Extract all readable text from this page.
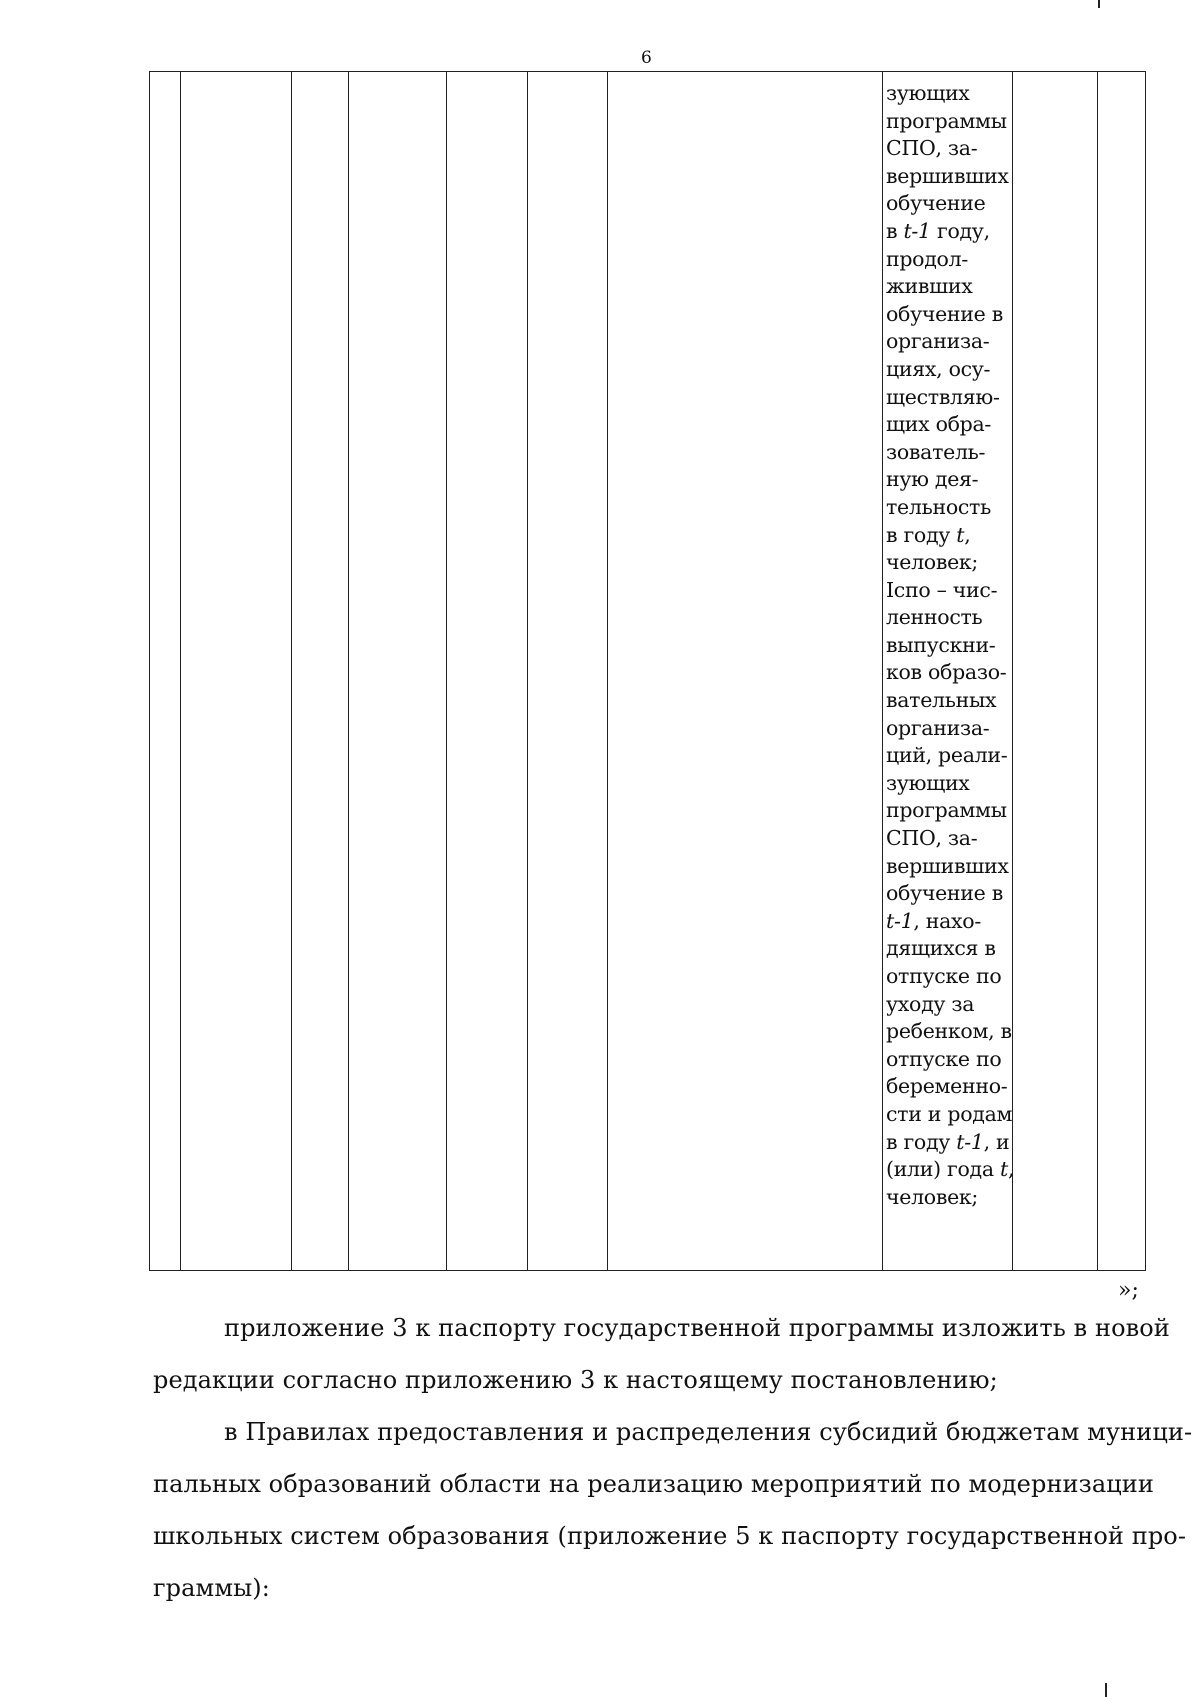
6

зующих
программы
СПО, за-
вершивших
обучение
в t-1 году,
продол-
живших
обучение в
организа-
циях, осу-
ществляю-
щих обра-
зователь-
ную дея-
тельность
в году t,
человек;
Iспо – чис-
ленность
выпускни-
ков образо-
вательных
организа-
ций, реали-
зующих
программы
СПО, за-
вершивших
обучение в
t-1, нахо-
дящихся в
отпуске по
уходу за
ребенком, в
отпуске по
беременно-
сти и родам
в году t-1, и
(или) года t,
человек;

»;
приложение 3 к паспорту государственной программы изложить в новой
редакции согласно приложению 3 к настоящему постановлению;
в Правилах предоставления и распределения субсидий бюджетам муници-
пальных образований области на реализацию мероприятий по модернизации
школьных систем образования (приложение 5 к паспорту государственной про-
граммы):
